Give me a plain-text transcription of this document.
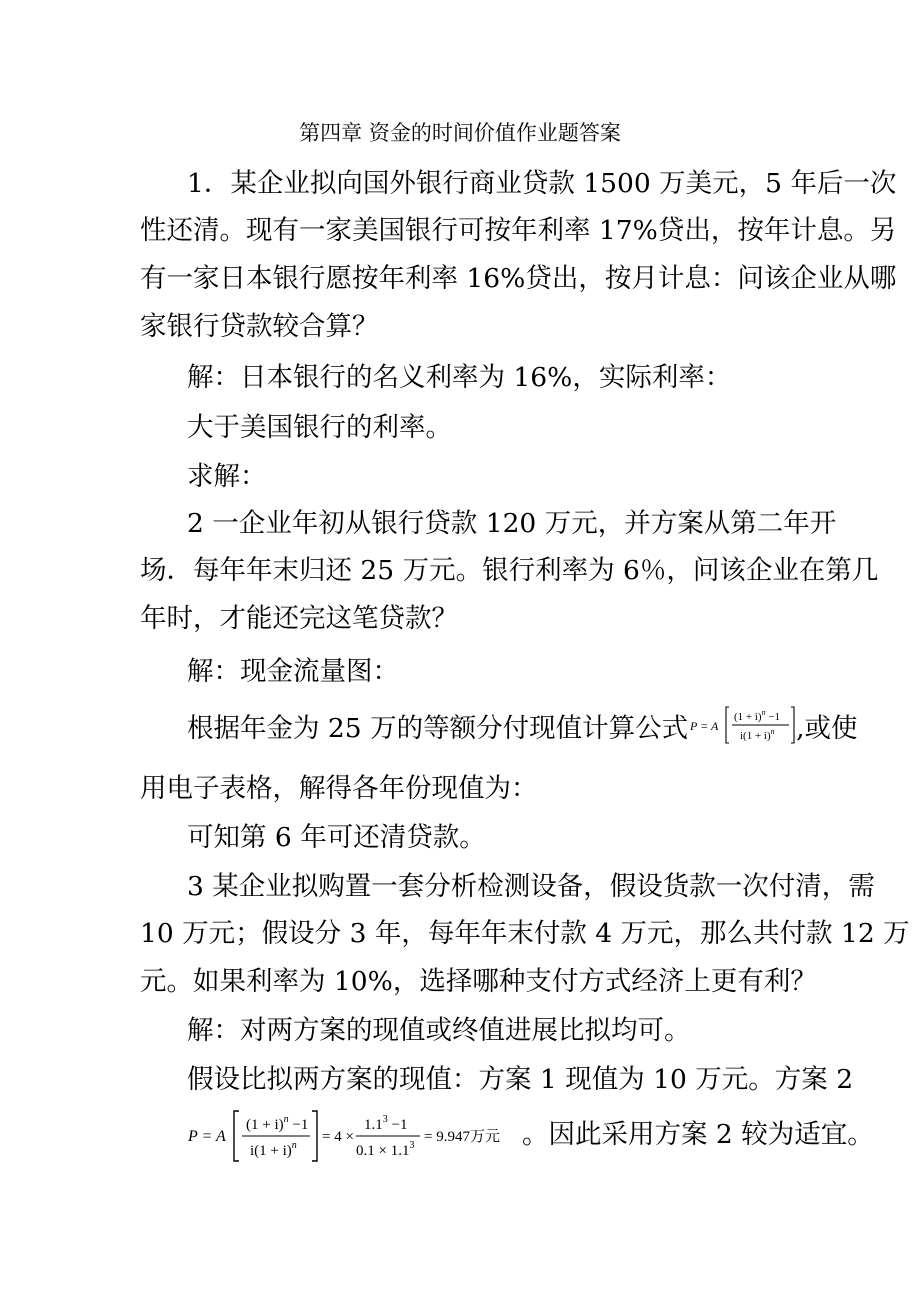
第四章 资金的时间价值作业题答案

1．某企业拟向国外银行商业贷款 1500 万美元，5 年后一次

性还清。现有一家美国银行可按年利率 17%贷出，按年计息。另

有一家日本银行愿按年利率 16%贷出，按月计息：问该企业从哪

家银行贷款较合算？

解：日本银行的名义利率为 16%，实际利率：

大于美国银行的利率。

求解：

2 一企业年初从银行贷款 120 万元，并方案从第二年开

场．每年年末归还 25 万元。银行利率为 6％，问该企业在第几

年时，才能还完这笔贷款？

解：现金流量图：

根据年金为 25 万的等额分付现值计算公式 P = A
$(1 + i)^n -1$
$i(1 + i)^n$ ,或使

用电子表格，解得各年份现值为：

可知第 6 年可还清贷款。

3 某企业拟购置一套分析检测设备，假设货款一次付清，需

10 万元；假设分 3 年，每年年末付款 4 万元，那么共付款 12 万

元。如果利率为 10%，选择哪种支付方式经济上更有利？

解：对两方案的现值或终值进展比拟均可。

假设比拟两方案的现值：方案 1 现值为 10 万元。方案 2

P = A
$(1 + i)^n -1$
$i(1 + i)^n$
= 4 ×
$1.1^3 -1$
$0.1 \times 1.1^3$
= 9.947万元 。因此采用方案 2 较为适宜。
